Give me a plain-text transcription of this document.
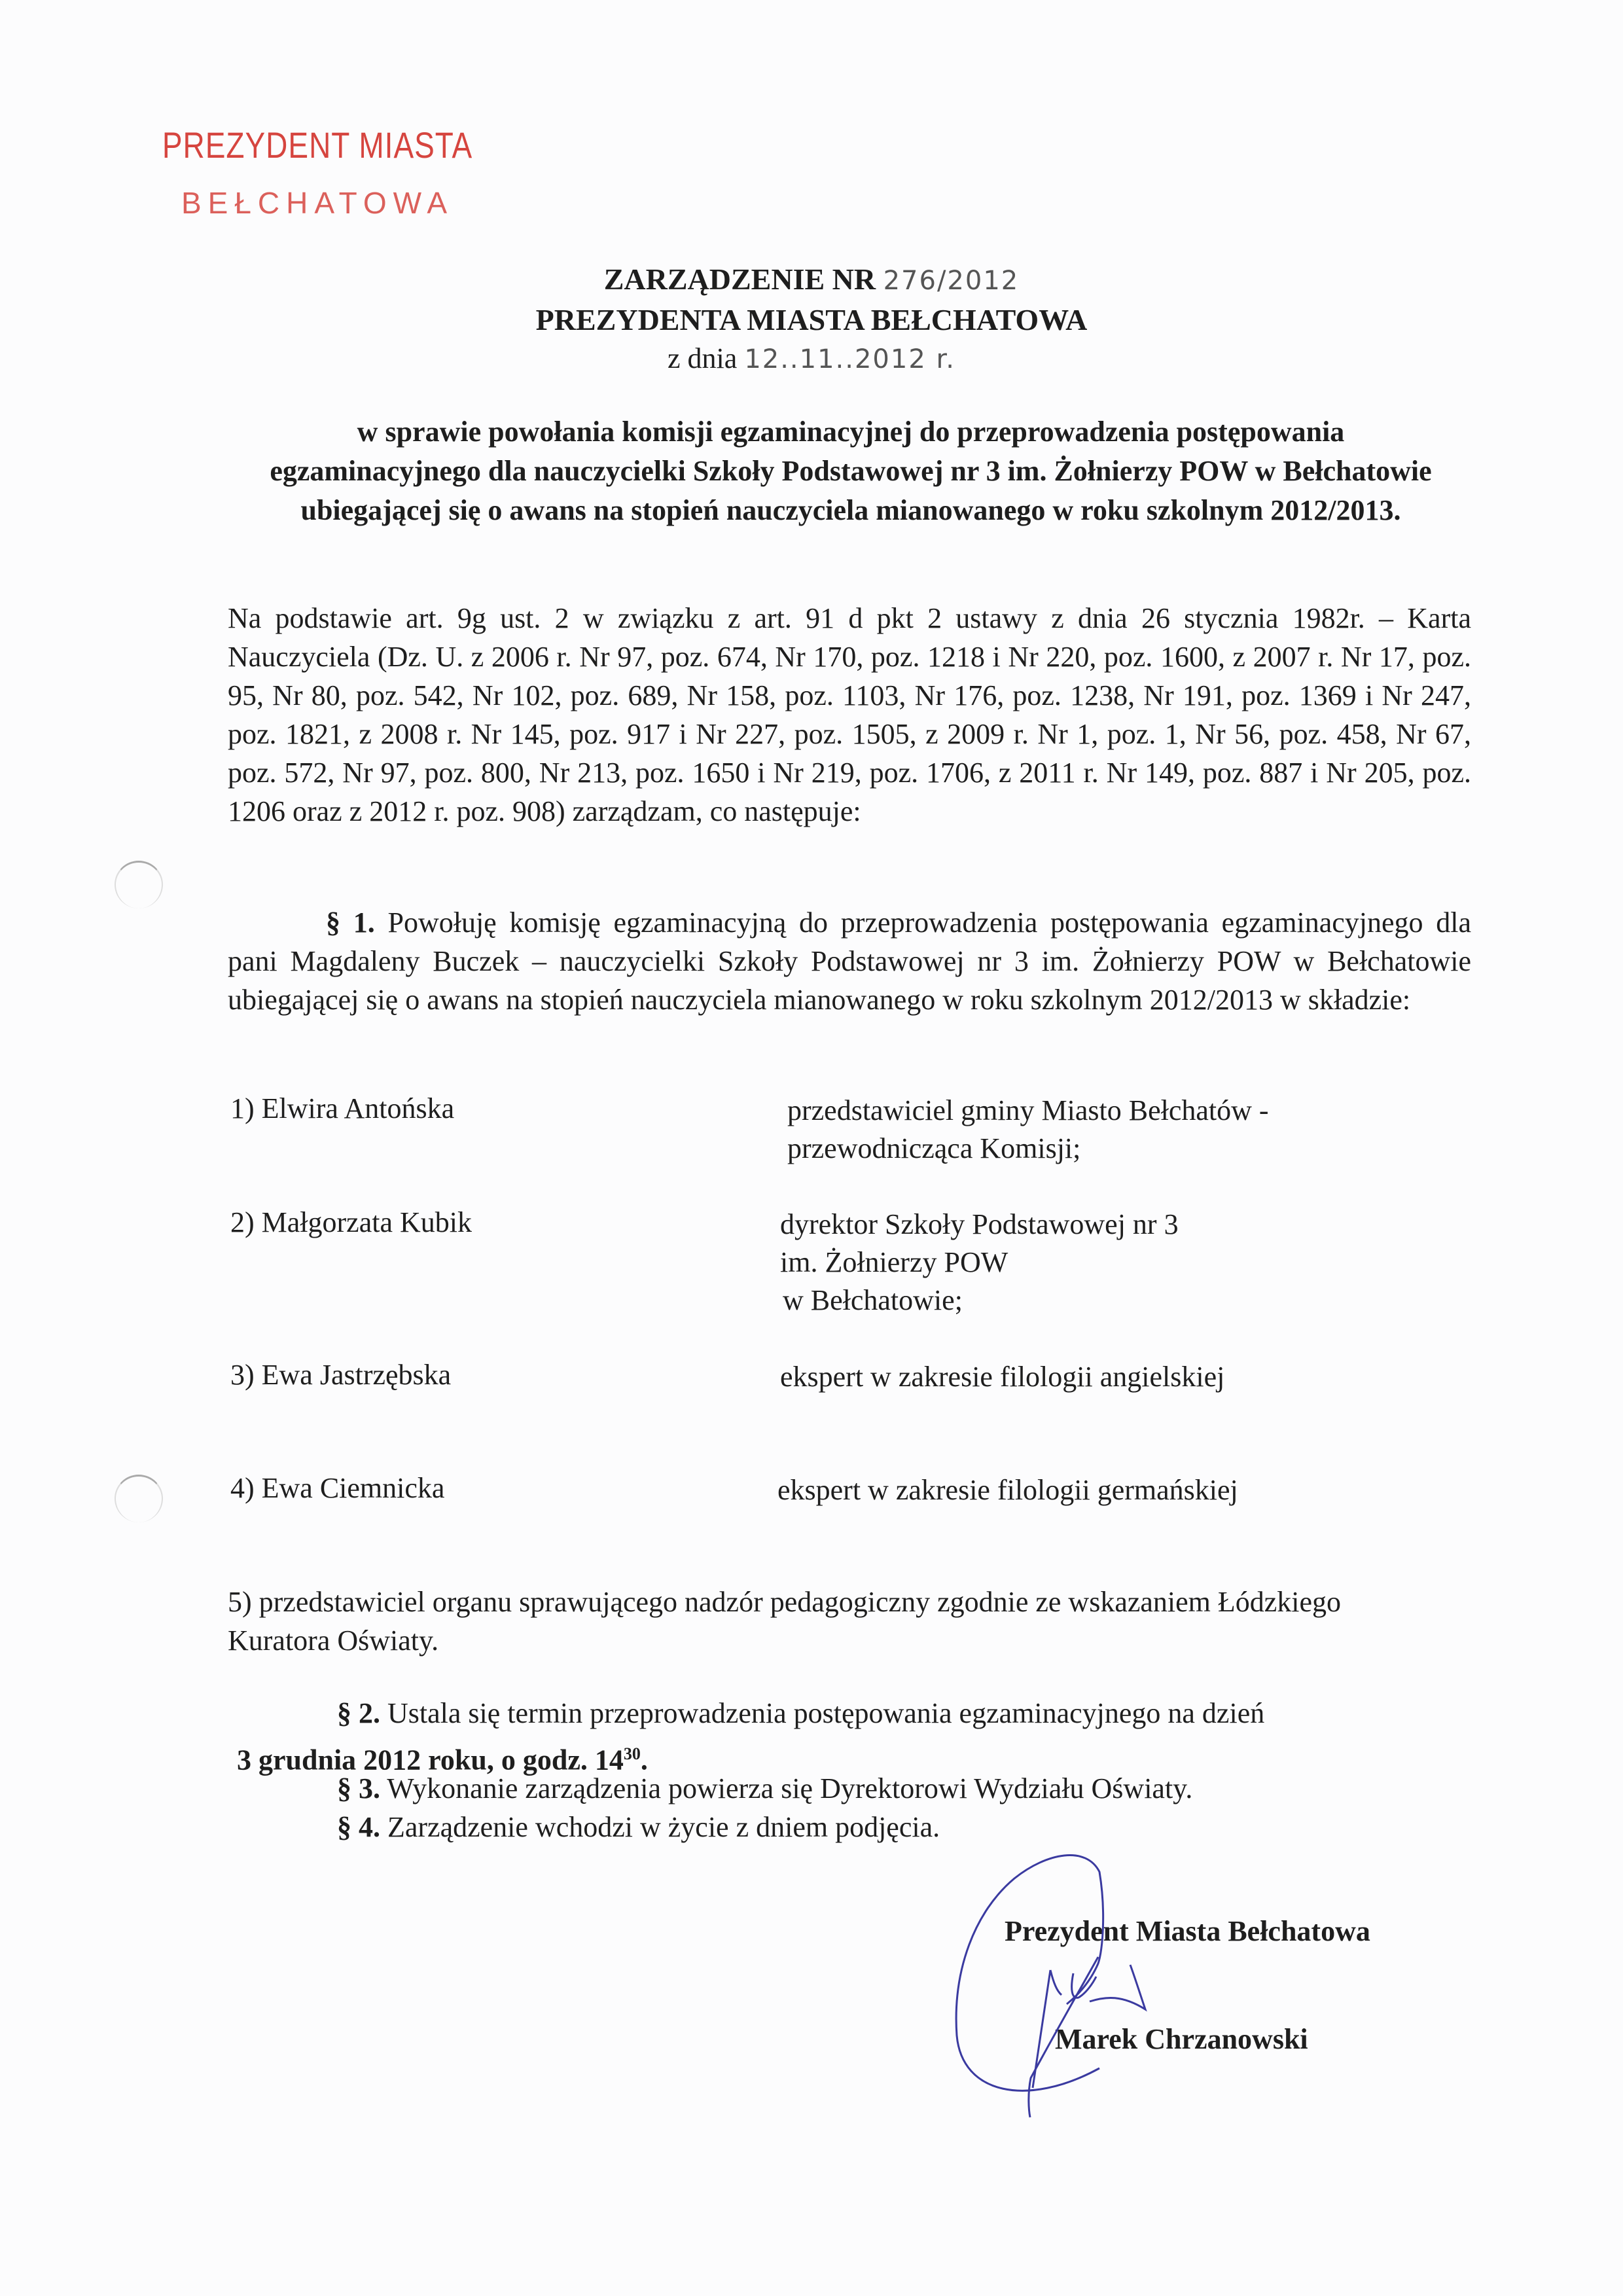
PREZYDENT MIASTA
BEŁCHATOWA
ZARZĄDZENIE NR 276/2012
PREZYDENTA MIASTA BEŁCHATOWA
z dnia 12..11..2012 r.
w sprawie powołania komisji egzaminacyjnej do przeprowadzenia postępowania egzaminacyjnego dla nauczycielki Szkoły Podstawowej nr 3 im. Żołnierzy POW w Bełchatowie ubiegającej się o awans na stopień nauczyciela mianowanego w roku szkolnym 2012/2013.
Na podstawie art. 9g ust. 2 w związku z art. 91 d pkt 2 ustawy z dnia 26 stycznia 1982r. – Karta Nauczyciela (Dz. U. z 2006 r. Nr 97, poz. 674, Nr 170, poz. 1218 i Nr 220, poz. 1600, z 2007 r. Nr 17, poz. 95, Nr 80, poz. 542, Nr 102, poz. 689, Nr 158, poz. 1103, Nr 176, poz. 1238, Nr 191, poz. 1369 i Nr 247, poz. 1821, z 2008 r. Nr 145, poz. 917 i Nr 227, poz. 1505, z 2009 r. Nr 1, poz. 1, Nr 56, poz. 458, Nr 67, poz. 572, Nr 97, poz. 800, Nr 213, poz. 1650 i Nr 219, poz. 1706, z 2011 r. Nr 149, poz. 887 i Nr 205, poz. 1206 oraz z 2012 r. poz. 908) zarządzam, co następuje:
§ 1. Powołuję komisję egzaminacyjną do przeprowadzenia postępowania egzaminacyjnego dla pani Magdaleny Buczek – nauczycielki Szkoły Podstawowej nr 3 im. Żołnierzy POW w Bełchatowie ubiegającej się o awans na stopień nauczyciela mianowanego w roku szkolnym 2012/2013 w składzie:
1) Elwira Antońska	przedstawiciel gminy Miasto Bełchatów -
przewodnicząca Komisji;
2) Małgorzata Kubik	dyrektor Szkoły Podstawowej nr 3
im. Żołnierzy POW
w Bełchatowie;
3) Ewa Jastrzębska	ekspert w zakresie filologii angielskiej
4) Ewa Ciemnicka	ekspert w zakresie filologii germańskiej
5) przedstawiciel organu sprawującego nadzór pedagogiczny zgodnie ze wskazaniem Łódzkiego Kuratora Oświaty.
§ 2. Ustala się termin przeprowadzenia postępowania egzaminacyjnego na dzień
3 grudnia 2012 roku, o godz. $14^{30}$.
§ 3. Wykonanie zarządzenia powierza się Dyrektorowi Wydziału Oświaty.
§ 4. Zarządzenie wchodzi w życie z dniem podjęcia.
Prezydent Miasta Bełchatowa
Marek Chrzanowski
